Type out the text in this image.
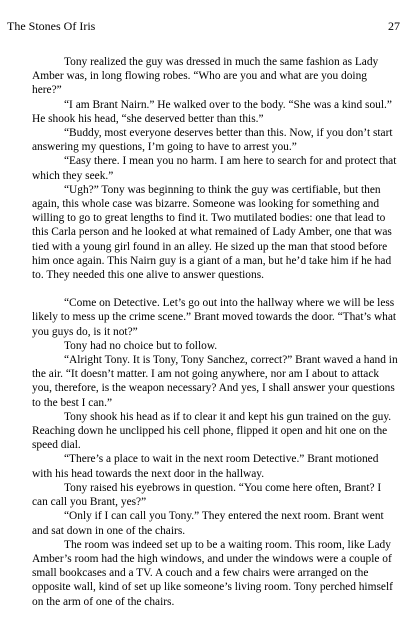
The Stones Of Iris	27

Tony realized the guy was dressed in much the same fashion as Lady Amber was, in long flowing robes. “Who are you and what are you doing here?”

“I am Brant Nairn.” He walked over to the body. “She was a kind soul.” He shook his head, “she deserved better than this.”

“Buddy, most everyone deserves better than this. Now, if you don’t start answering my questions, I’m going to have to arrest you.”

“Easy there. I mean you no harm. I am here to search for and protect that which they seek.”

“Ugh?” Tony was beginning to think the guy was certifiable, but then again, this whole case was bizarre. Someone was looking for something and willing to go to great lengths to find it. Two mutilated bodies: one that lead to this Carla person and he looked at what remained of Lady Amber, one that was tied with a young girl found in an alley. He sized up the man that stood before him once again. This Nairn guy is a giant of a man, but he’d take him if he had to. They needed this one alive to answer questions.

“Come on Detective. Let’s go out into the hallway where we will be less likely to mess up the crime scene.” Brant moved towards the door. “That’s what you guys do, is it not?”

Tony had no choice but to follow.

“Alright Tony. It is Tony, Tony Sanchez, correct?” Brant waved a hand in the air. “It doesn’t matter. I am not going anywhere, nor am I about to attack you, therefore, is the weapon necessary? And yes, I shall answer your questions to the best I can.”

Tony shook his head as if to clear it and kept his gun trained on the guy. Reaching down he unclipped his cell phone, flipped it open and hit one on the speed dial.

“There’s a place to wait in the next room Detective.” Brant motioned with his head towards the next door in the hallway.

Tony raised his eyebrows in question. “You come here often, Brant? I can call you Brant, yes?”

“Only if I can call you Tony.” They entered the next room. Brant went and sat down in one of the chairs.

The room was indeed set up to be a waiting room. This room, like Lady Amber’s room had the high windows, and under the windows were a couple of small bookcases and a TV. A couch and a few chairs were arranged on the opposite wall, kind of set up like someone’s living room. Tony perched himself on the arm of one of the chairs.
